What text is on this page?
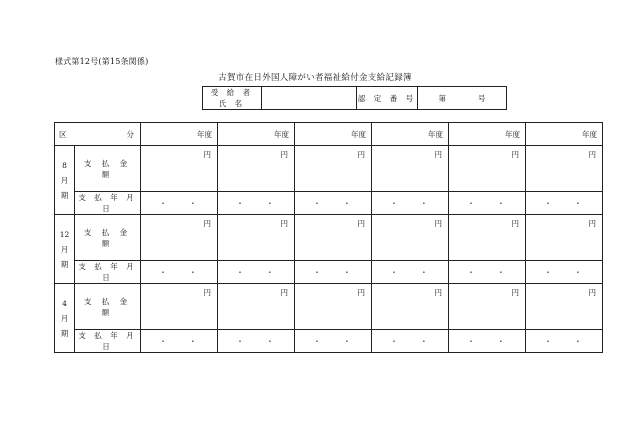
様式第12号(第15条関係)
古賀市在日外国人障がい者福祉給付金支給記録簿
受 給 者 氏 名		認 定 番 号	第	号
区 分		年度	年度	年度	年度	年度	年度

8
月
期	支 払 金 額	円	円	円	円	円	円
	支 払 年 月 日	・ ・	・ ・	・ ・	・ ・	・ ・	・ ・

12
月
期	支 払 金 額	円	円	円	円	円	円
	支 払 年 月 日	・ ・	・ ・	・ ・	・ ・	・ ・	・ ・

4
月
期	支 払 金 額	円	円	円	円	円	円
	支 払 年 月 日	・ ・	・ ・	・ ・	・ ・	・ ・	・ ・
